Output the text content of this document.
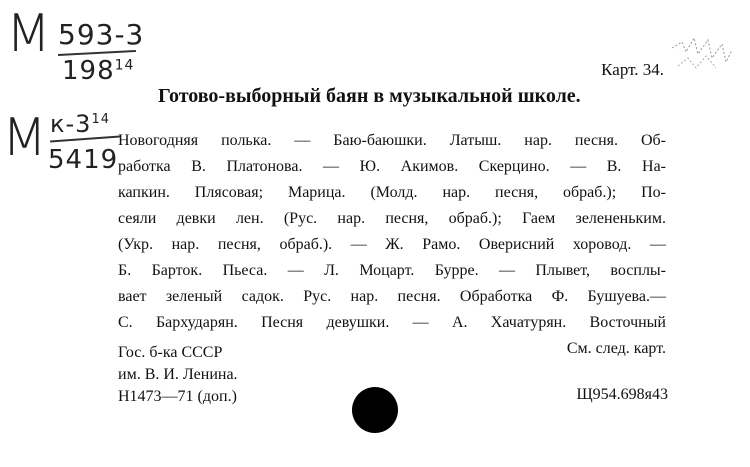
М 593-3
$198^{14}$
М $к-3^{14}$
5419
Карт. 34.
Готово-выборный баян в музыкальной школе.
Новогодняя полька. — Баю-баюшки. Латыш. нар. песня. Об-
работка В. Платонова. — Ю. Акимов. Скерцино. — В. На-
капкин. Плясовая; Марица. (Молд. нар. песня, обраб.); По-
сеяли девки лен. (Рус. нар. песня, обраб.); Гаем зелененьким.
(Укр. нар. песня, обраб.). — Ж. Рамо. Оверисний хоровод. —
Б. Барток. Пьеса. — Л. Моцарт. Бурре. — Плывет, восплы-
вает зеленый садок. Рус. нар. песня. Обработка Ф. Бушуева.—
С. Бархударян. Песня девушки. — А. Хачатурян. Восточный
См. след. карт.
Гос. б-ка СССР
им. В. И. Ленина.
Н1473—71 (доп.)	Щ954.698я43
